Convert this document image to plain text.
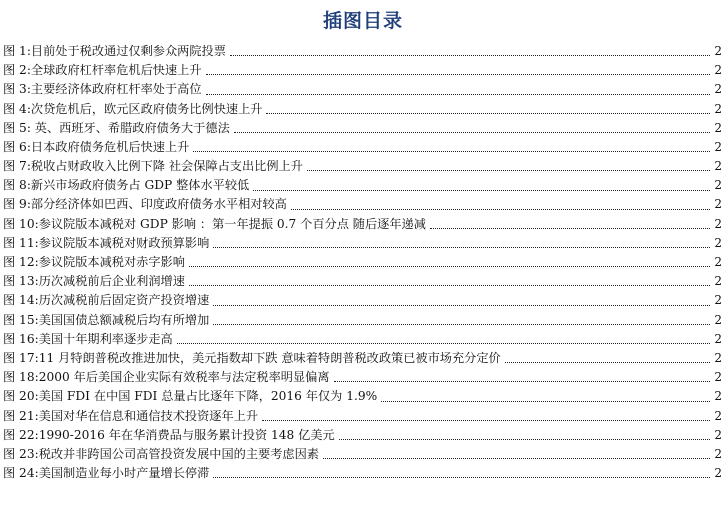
插图目录
图 1: 目前处于税改通过仅剩参众两院投票	2
图 2: 全球政府杠杆率危机后快速上升	2
图 3: 主要经济体政府杠杆率处于高位	2
图 4: 次贷危机后，欧元区政府债务比例快速上升	2
图 5: 英、西班牙、希腊政府债务大于德法	2
图 6: 日本政府债务危机后快速上升	2
图 7: 税收占财政收入比例下降 社会保障占支出比例上升	2
图 8: 新兴市场政府债务占 GDP 整体水平较低	2
图 9: 部分经济体如巴西、印度政府债务水平相对较高	2
图 10: 参议院版本减税对 GDP 影响 ：第一年提振 0.7 个百分点 随后逐年递减	2
图 11: 参议院版本减税对财政预算影响	2
图 12: 参议院版本减税对赤字影响	2
图 13: 历次减税前后企业利润增速	2
图 14: 历次减税前后固定资产投资增速	2
图 15: 美国国债总额减税后均有所增加	2
图 16: 美国十年期利率逐步走高	2
图 17: 11 月特朗普税改推进加快，美元指数却下跌 意味着特朗普税改政策已被市场充分定价	2
图 18: 2000 年后美国企业实际有效税率与法定税率明显偏离	2
图 20: 美国 FDI 在中国 FDI 总量占比逐年下降，2016 年仅为 1.9%	2
图 21: 美国对华在信息和通信技术投资逐年上升	2
图 22: 1990-2016 年在华消费品与服务累计投资 148 亿美元	2
图 23: 税改并非跨国公司高管投资发展中国的主要考虑因素	2
图 24: 美国制造业每小时产量增长停滞	2
